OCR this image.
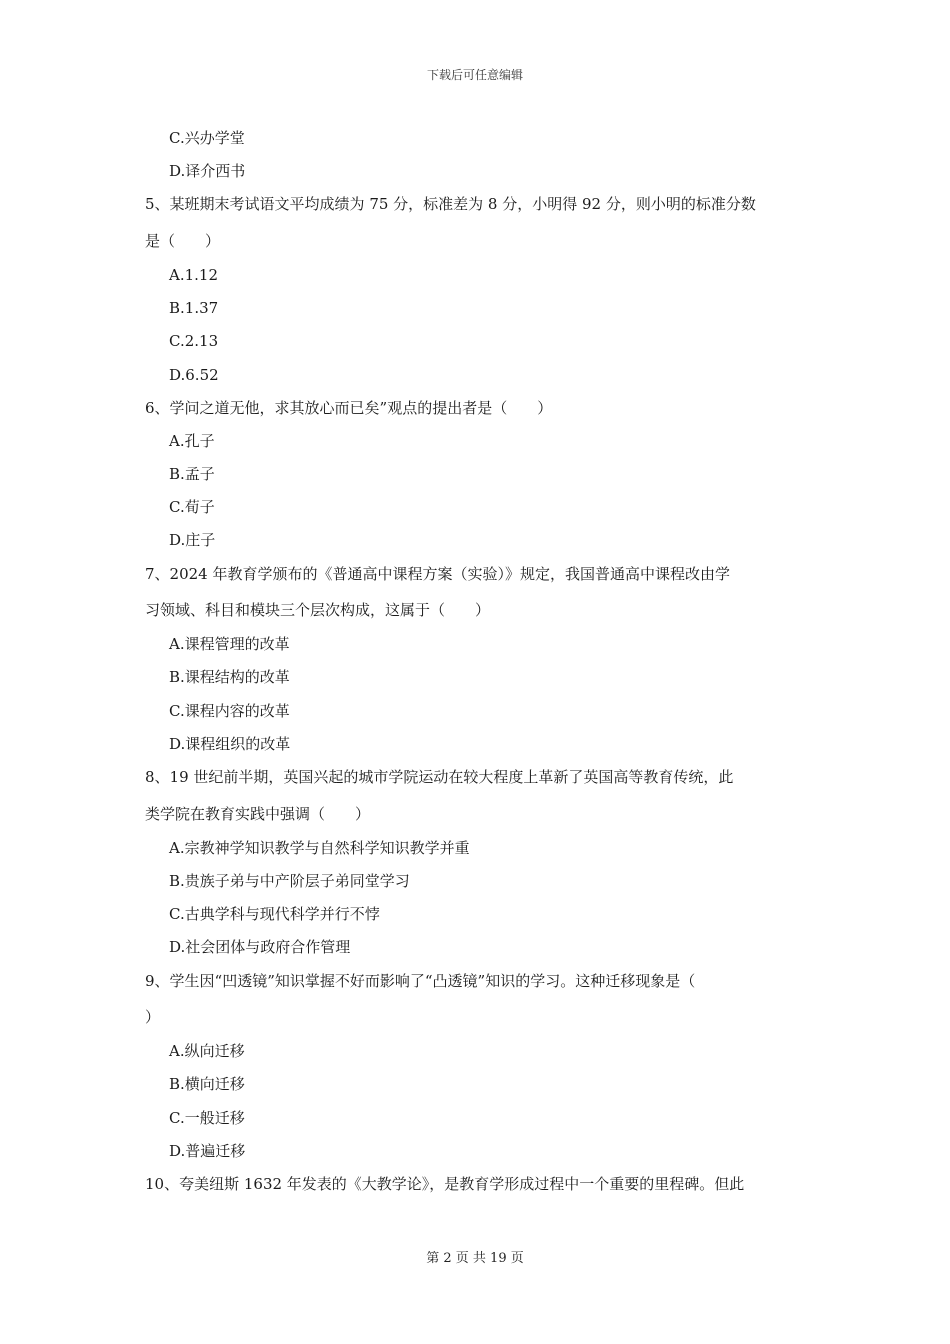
下载后可任意编辑
C.兴办学堂
D.译介西书
5、某班期末考试语文平均成绩为 75 分，标准差为 8 分，小明得 92 分，则小明的标准分数
是（　　）
A.1.12
B.1.37
C.2.13
D.6.52
6、学问之道无他，求其放心而已矣”观点的提出者是（　　）
A.孔子
B.孟子
C.荀子
D.庄子
7、2024 年教育学颁布的《普通高中课程方案（实验）》规定，我国普通高中课程改由学
习领域、科目和模块三个层次构成，这属于（　　）
A.课程管理的改革
B.课程结构的改革
C.课程内容的改革
D.课程组织的改革
8、19 世纪前半期，英国兴起的城市学院运动在较大程度上革新了英国高等教育传统，此
类学院在教育实践中强调（　　）
A.宗教神学知识教学与自然科学知识教学并重
B.贵族子弟与中产阶层子弟同堂学习
C.古典学科与现代科学并行不悖
D.社会团体与政府合作管理
9、学生因“凹透镜”知识掌握不好而影响了“凸透镜”知识的学习。这种迁移现象是（
）
A.纵向迁移
B.横向迁移
C.一般迁移
D.普遍迁移
10、夸美纽斯 1632 年发表的《大教学论》，是教育学形成过程中一个重要的里程碑。但此
第 2 页 共 19 页
